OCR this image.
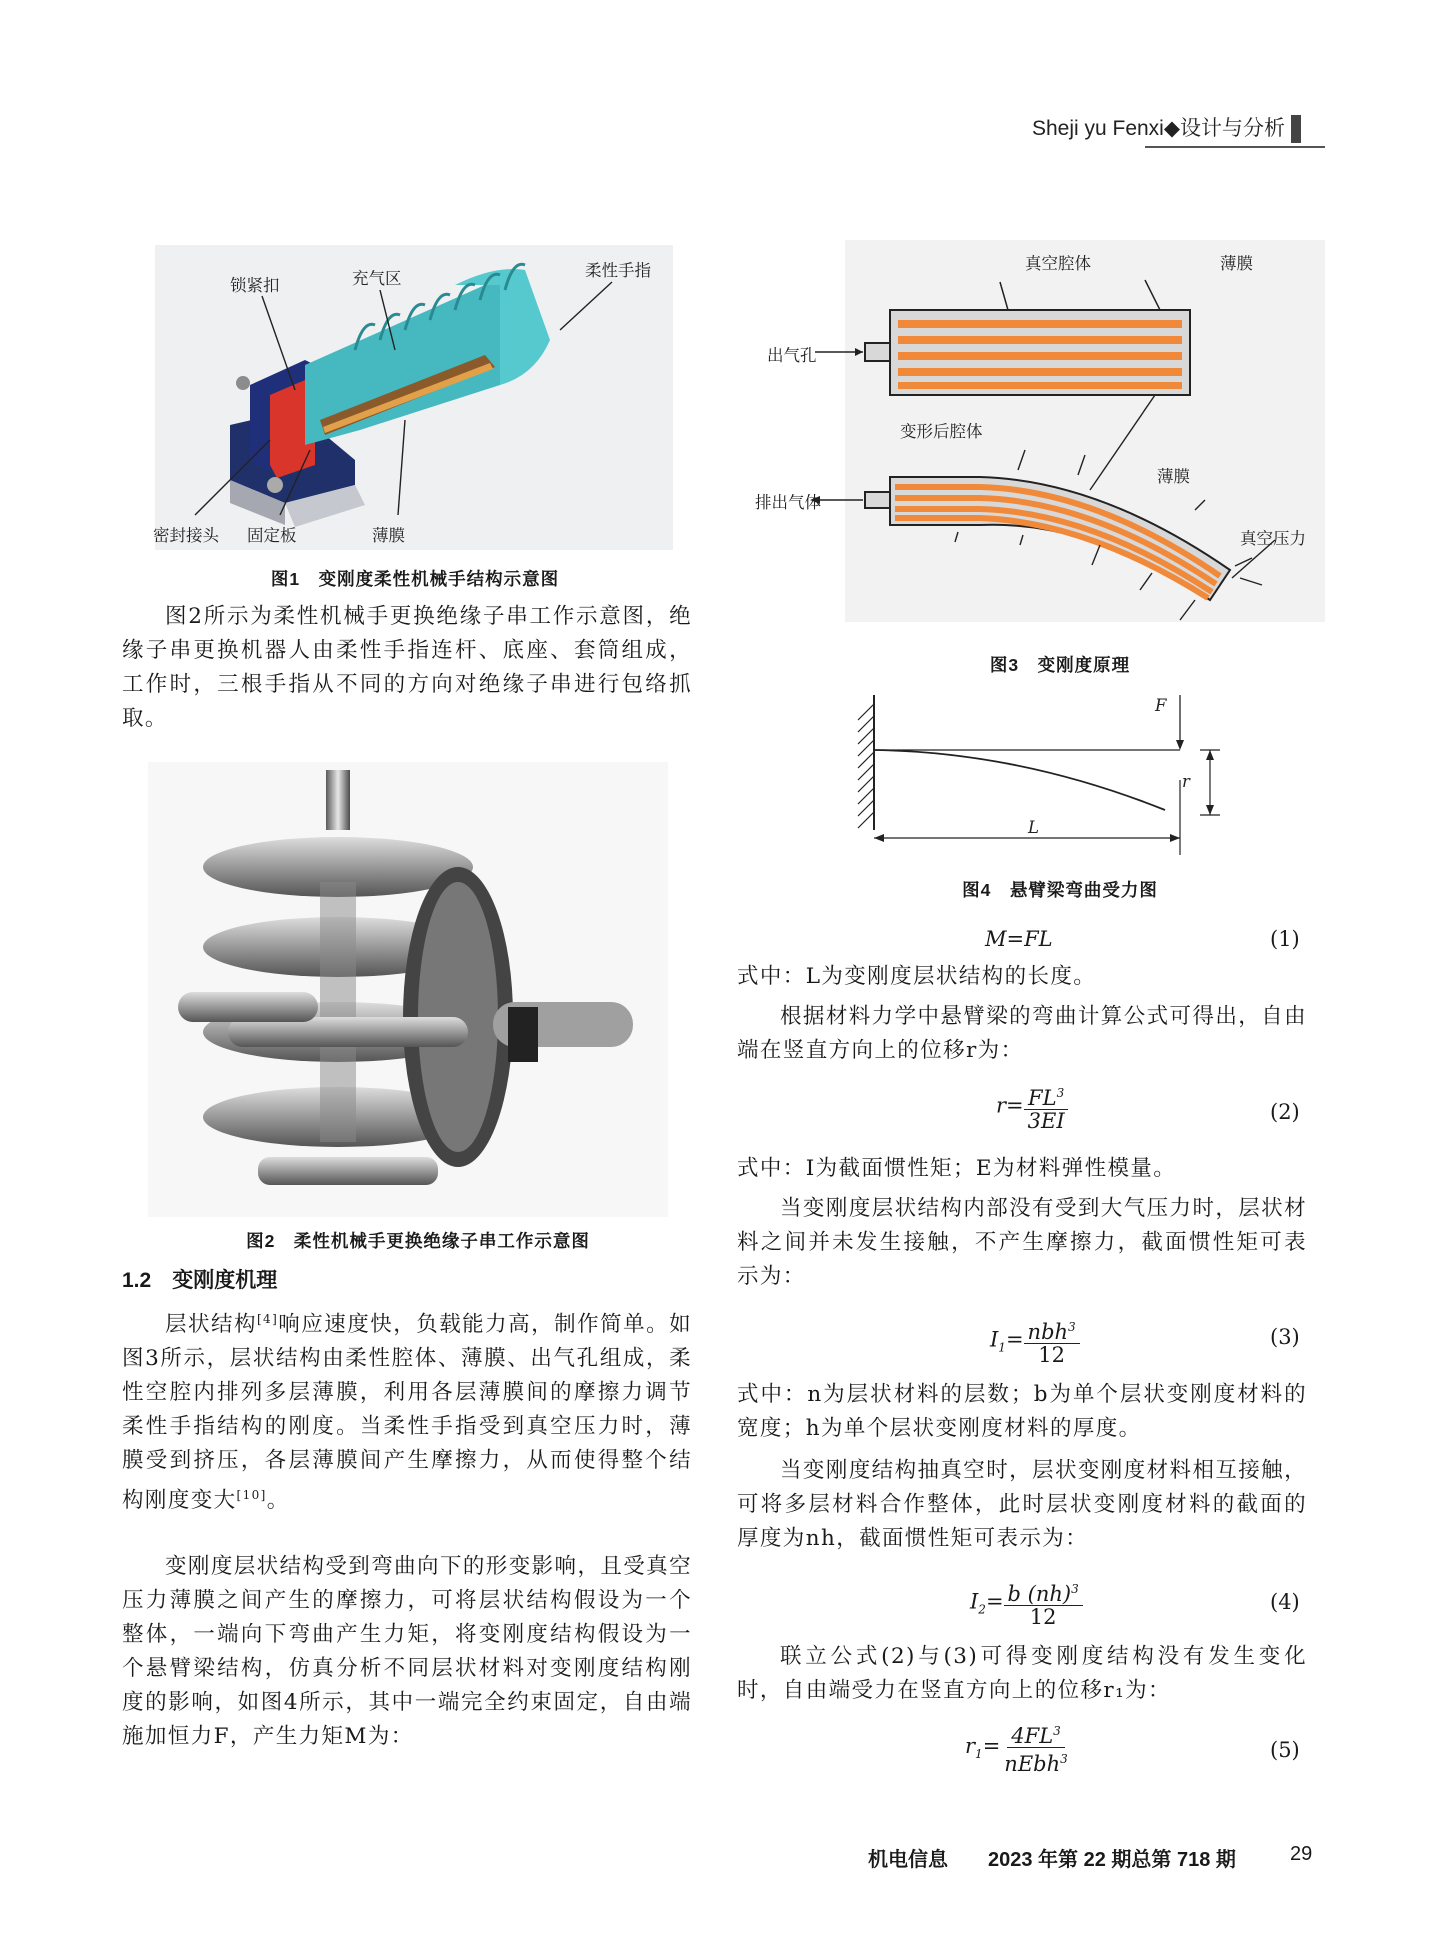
Sheji yu Fenxi◆设计与分析
锁紧扣	充气区	柔性手指
密封接头 固定板	薄膜
图1　变刚度柔性机械手结构示意图
图2所示为柔性机械手更换绝缘子串工作示意图，绝缘子串更换机器人由柔性手指连杆、底座、套筒组成，工作时，三根手指从不同的方向对绝缘子串进行包络抓取。
图2　柔性机械手更换绝缘子串工作示意图
1.2　变刚度机理
层状结构[4]响应速度快，负载能力高，制作简单。如图3所示，层状结构由柔性腔体、薄膜、出气孔组成，柔性空腔内排列多层薄膜，利用各层薄膜间的摩擦力调节柔性手指结构的刚度。当柔性手指受到真空压力时，薄膜受到挤压，各层薄膜间产生摩擦力，从而使得整个结构刚度变大[10]。
变刚度层状结构受到弯曲向下的形变影响，且受真空压力薄膜之间产生的摩擦力，可将层状结构假设为一个整体，一端向下弯曲产生力矩，将变刚度结构假设为一个悬臂梁结构，仿真分析不同层状材料对变刚度结构刚度的影响，如图4所示，其中一端完全约束固定，自由端施加恒力F，产生力矩M为：
真空腔体	薄膜
出气孔
变形后腔体
薄膜
排出气体
真空压力
图3　变刚度原理
F
r
L
图4　悬臂梁弯曲受力图
M=FL	(1)
式中：L为变刚度层状结构的长度。
根据材料力学中悬臂梁的弯曲计算公式可得出，自由端在竖直方向上的位移r为：
$r= \frac{FL^3}{3EI}$	(2)
式中：I为截面惯性矩；E为材料弹性模量。
当变刚度层状结构内部没有受到大气压力时，层状材料之间并未发生接触，不产生摩擦力，截面惯性矩可表示为：
$I_1= \frac{nbh^3}{12}$	(3)
式中：n为层状材料的层数；b为单个层状变刚度材料的宽度；h为单个层状变刚度材料的厚度。
当变刚度结构抽真空时，层状变刚度材料相互接触，可将多层材料合作整体，此时层状变刚度材料的截面的厚度为nh，截面惯性矩可表示为：
$I_2= \frac{b (nh)^3}{12}$	(4)
联立公式(2)与(3)可得变刚度结构没有发生变化时，自由端受力在竖直方向上的位移r₁为：
$r_1= \frac{4FL^3}{nEbh^3}$	(5)
机电信息　　2023 年第 22 期总第 718 期	29
